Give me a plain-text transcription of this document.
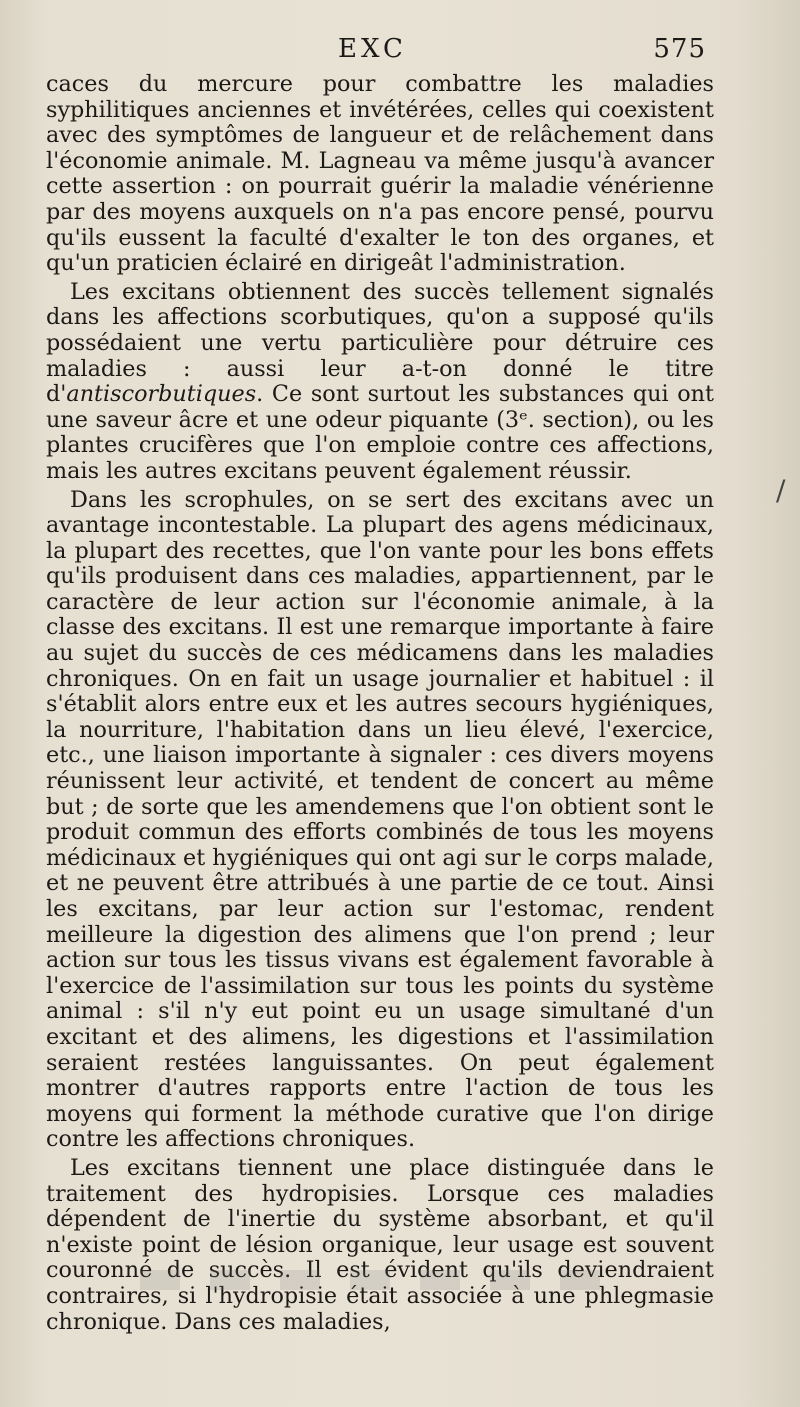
EXC	575

caces du mercure pour combattre les maladies syphilitiques anciennes et invétérées, celles qui coexistent avec des symptômes de langueur et de relâchement dans l'économie animale. M. Lagneau va même jusqu'à avancer cette assertion : on pourrait guérir la maladie vénérienne par des moyens auxquels on n'a pas encore pensé, pourvu qu'ils eussent la faculté d'exalter le ton des organes, et qu'un praticien éclairé en dirigeât l'administration.

Les excitans obtiennent des succès tellement signalés dans les affections scorbutiques, qu'on a supposé qu'ils possédaient une vertu particulière pour détruire ces maladies : aussi leur a-t-on donné le titre d'antiscorbutiques. Ce sont surtout les substances qui ont une saveur âcre et une odeur piquante (3ᵉ. section), ou les plantes crucifères que l'on emploie contre ces affections, mais les autres excitans peuvent également réussir.

Dans les scrophules, on se sert des excitans avec un avantage incontestable. La plupart des agens médicinaux, la plupart des recettes, que l'on vante pour les bons effets qu'ils produisent dans ces maladies, appartiennent, par le caractère de leur action sur l'économie animale, à la classe des excitans. Il est une remarque importante à faire au sujet du succès de ces médicamens dans les maladies chroniques. On en fait un usage journalier et habituel : il s'établit alors entre eux et les autres secours hygiéniques, la nourriture, l'habitation dans un lieu élevé, l'exercice, etc., une liaison importante à signaler : ces divers moyens réunissent leur activité, et tendent de concert au même but ; de sorte que les amendemens que l'on obtient sont le produit commun des efforts combinés de tous les moyens médicinaux et hygiéniques qui ont agi sur le corps malade, et ne peuvent être attribués à une partie de ce tout. Ainsi les excitans, par leur action sur l'estomac, rendent meilleure la digestion des alimens que l'on prend ; leur action sur tous les tissus vivans est également favorable à l'exercice de l'assimilation sur tous les points du système animal : s'il n'y eut point eu un usage simultané d'un excitant et des alimens, les digestions et l'assimilation seraient restées languissantes. On peut également montrer d'autres rapports entre l'action de tous les moyens qui forment la méthode curative que l'on dirige contre les affections chroniques.

Les excitans tiennent une place distinguée dans le traitement des hydropisies. Lorsque ces maladies dépendent de l'inertie du système absorbant, et qu'il n'existe point de lésion organique, leur usage est souvent couronné de succès. Il est évident qu'ils deviendraient contraires, si l'hydropisie était associée à une phlegmasie chronique. Dans ces maladies,

/
